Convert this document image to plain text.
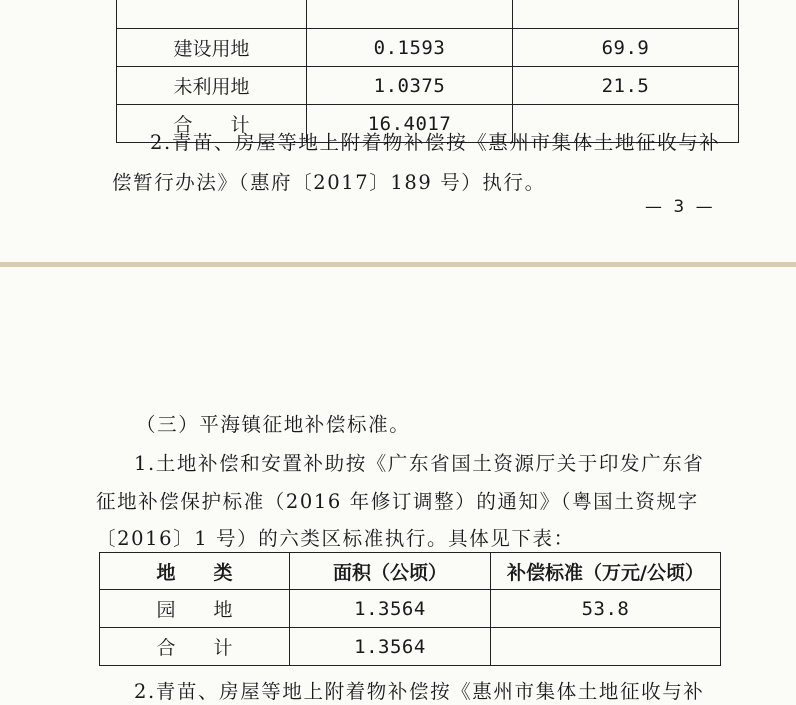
建设用地	0.1593	69.9
未利用地	1.0375	21.5
合　　计	16.4017	
2.青苗、房屋等地上附着物补偿按《惠州市集体土地征收与补
偿暂行办法》（惠府〔2017〕189 号）执行。
— 3 —
（三）平海镇征地补偿标准。
1.土地补偿和安置补助按《广东省国土资源厅关于印发广东省
征地补偿保护标准（2016 年修订调整）的通知》（粤国土资规字
〔2016〕1 号）的六类区标准执行。具体见下表：
地　　类	面积（公顷）	补偿标准（万元/公顷）
园　　地	1.3564	53.8
合　　计	1.3564	
2.青苗、房屋等地上附着物补偿按《惠州市集体土地征收与补
